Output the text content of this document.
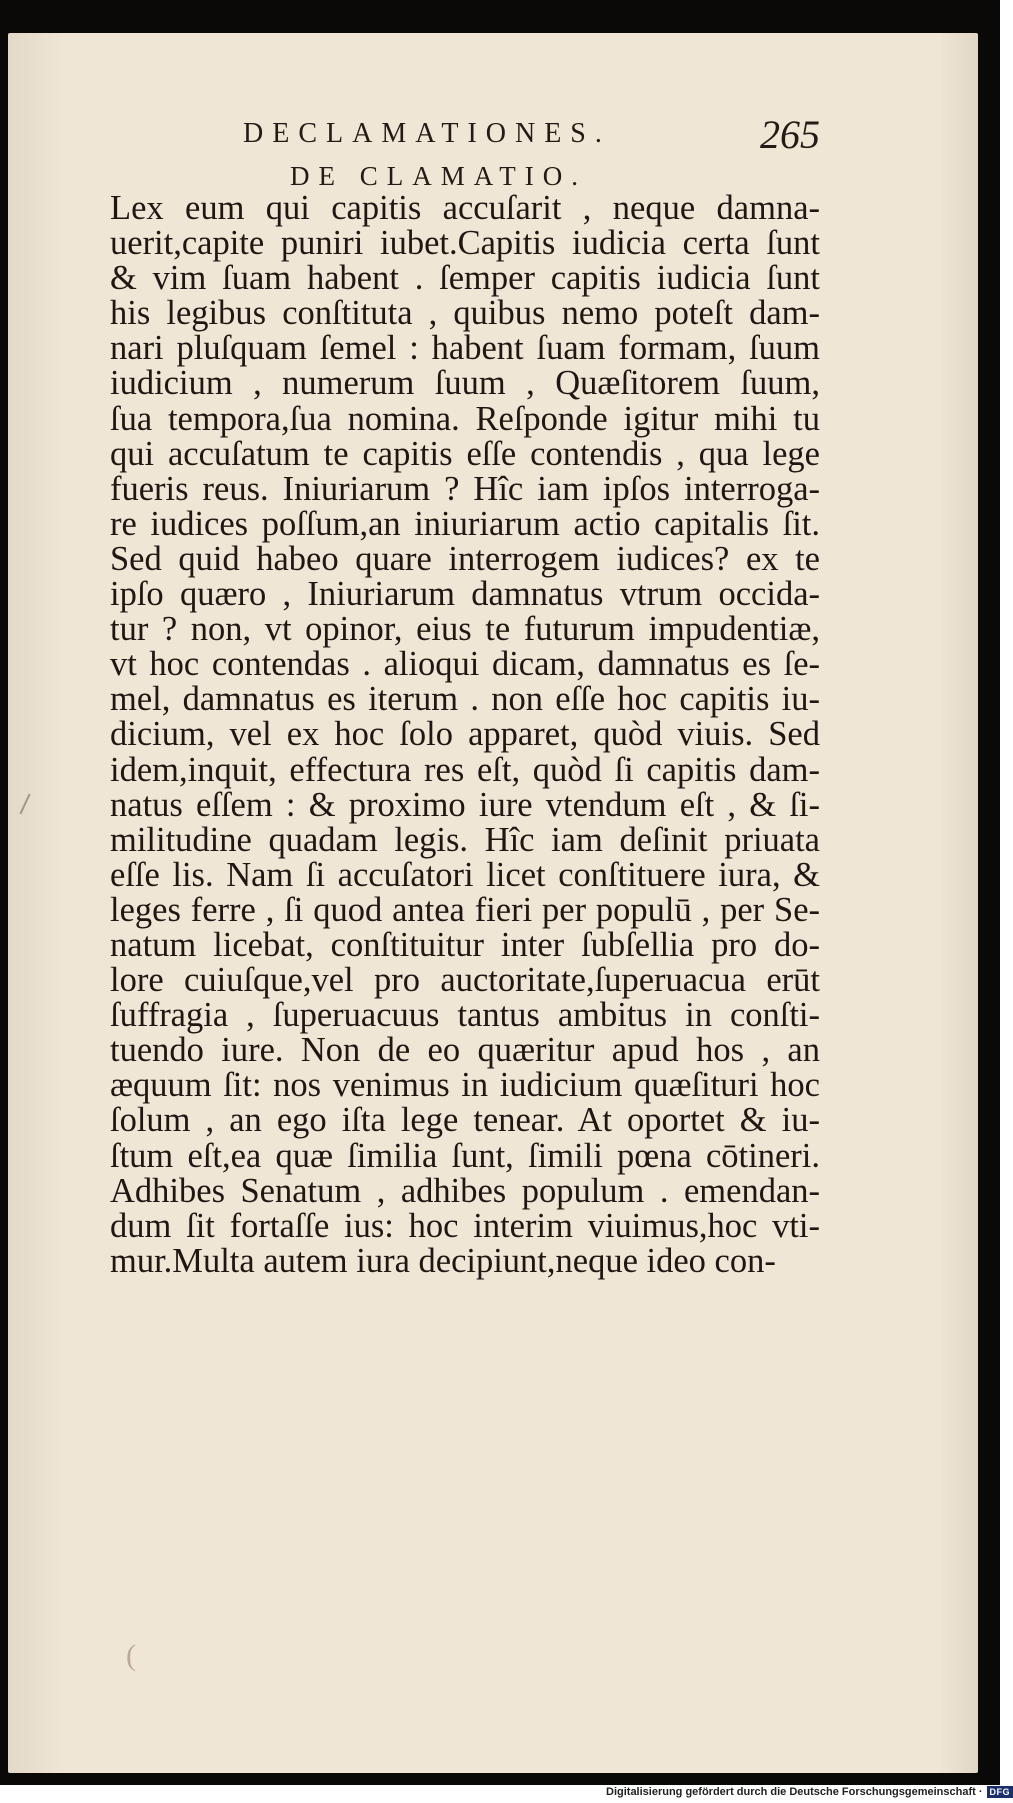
DECLAMATIONES.	265
DE CLAMATIO.
(
Lex eum qui capitis accuſarit , neque damna-
uerit,capite puniri iubet.Capitis iudicia certa ſunt
& vim ſuam habent . ſemper capitis iudicia ſunt
his legibus conſtituta , quibus nemo poteſt dam-
nari pluſquam ſemel : habent ſuam formam, ſuum
iudicium , numerum ſuum , Quæſitorem ſuum,
ſua tempora,ſua nomina. Reſponde igitur mihi tu
qui accuſatum te capitis eſſe contendis , qua lege
fueris reus. Iniuriarum ? Hîc iam ipſos interroga-
re iudices poſſum,an iniuriarum actio capitalis ſit.
Sed quid habeo quare interrogem iudices? ex te
ipſo quæro , Iniuriarum damnatus vtrum occida-
tur ? non, vt opinor, eius te futurum impudentiæ,
vt hoc contendas . alioqui dicam, damnatus es ſe-
mel, damnatus es iterum . non eſſe hoc capitis iu-
dicium, vel ex hoc ſolo apparet, quòd viuis. Sed
idem,inquit, effectura res eſt, quòd ſi capitis dam-
natus eſſem : & proximo iure vtendum eſt , & ſi-
militudine quadam legis. Hîc iam deſinit priuata
eſſe lis. Nam ſi accuſatori licet conſtituere iura, &
leges ferre , ſi quod antea fieri per populū , per Se-
natum licebat, conſtituitur inter ſubſellia pro do-
lore cuiuſque,vel pro auctoritate,ſuperuacua erūt
ſuffragia , ſuperuacuus tantus ambitus in conſti-
tuendo iure. Non de eo quæritur apud hos , an
æquum ſit: nos venimus in iudicium quæſituri hoc
ſolum , an ego iſta lege tenear. At oportet & iu-
ſtum eſt,ea quæ ſimilia ſunt, ſimili pœna cōtineri.
Adhibes Senatum , adhibes populum . emendan-
dum ſit fortaſſe ius: hoc interim viuimus,hoc vti-
mur.Multa autem iura decipiunt,neque ideo con-
Digitalisierung gefördert durch die Deutsche Forschungsgemeinschaft · DFG
